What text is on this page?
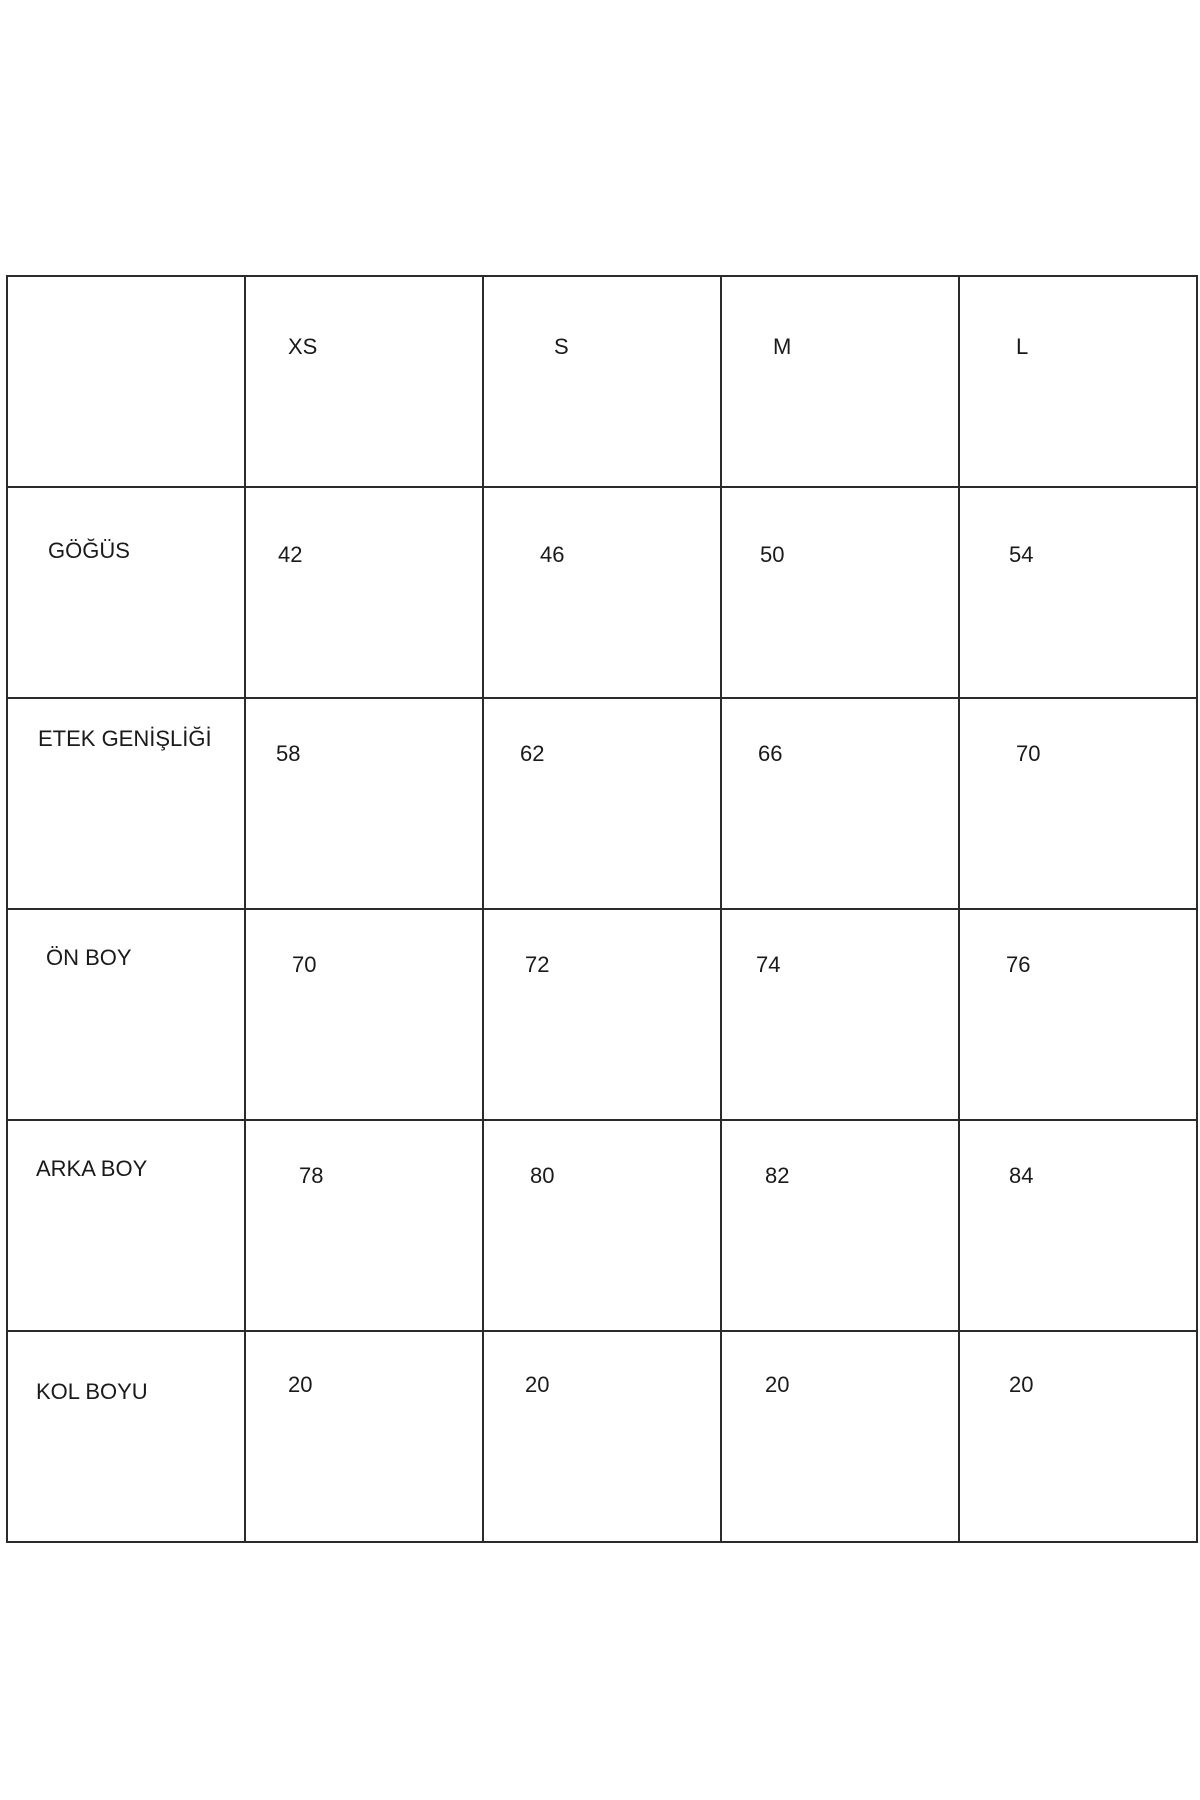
	XS	S	M	L

GÖĞÜS	42	46	50	54

ETEK GENİŞLİĞİ	58	62	66	70

ÖN BOY	70	72	74	76

ARKA BOY	78	80	82	84

KOL BOYU	20	20	20	20
